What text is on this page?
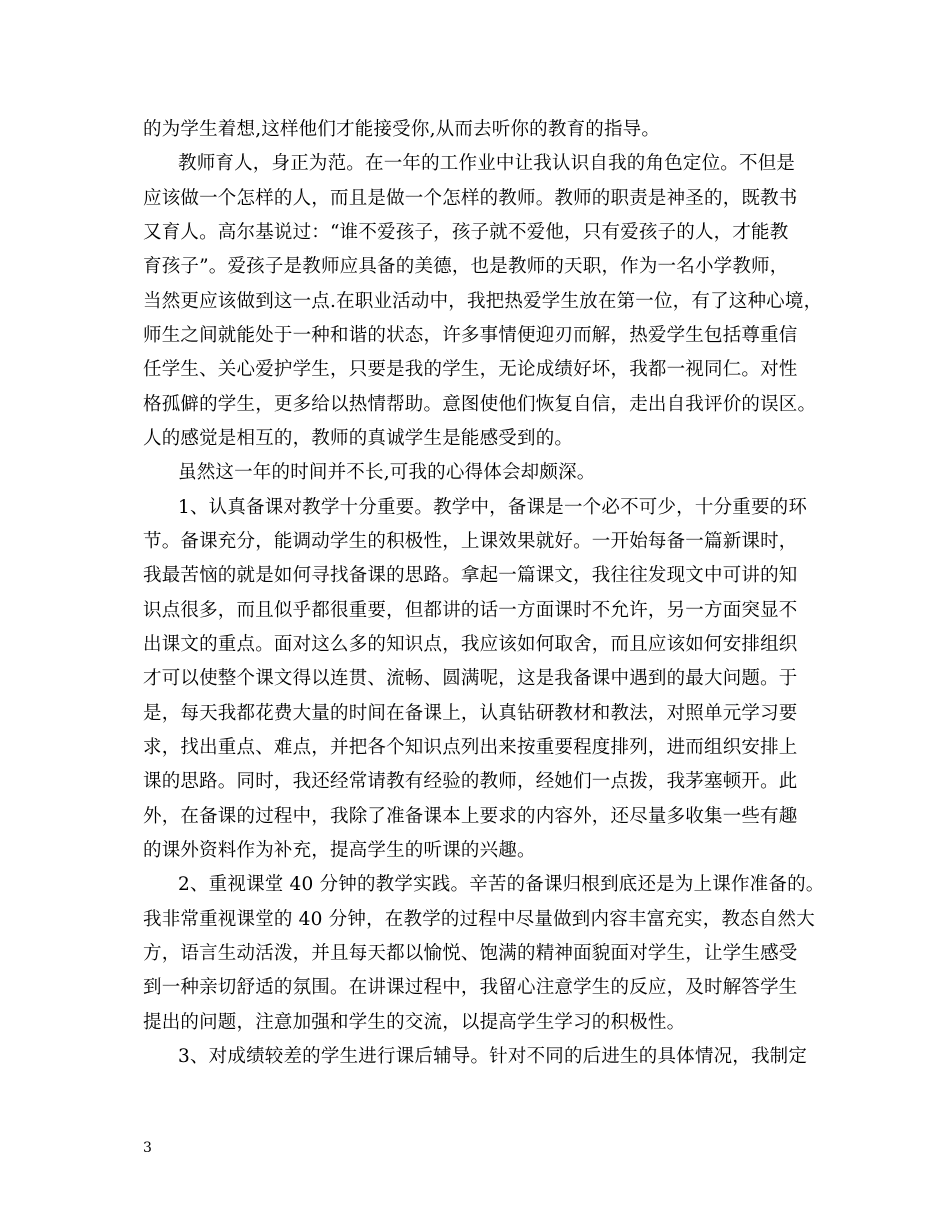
的为学生着想,这样他们才能接受你,从而去听你的教育的指导。
教师育人，身正为范。在一年的工作业中让我认识自我的角色定位。不但是
应该做一个怎样的人，而且是做一个怎样的教师。教师的职责是神圣的，既教书
又育人。高尔基说过：“谁不爱孩子，孩子就不爱他，只有爱孩子的人，才能教
育孩子”。爱孩子是教师应具备的美德，也是教师的天职，作为一名小学教师，
当然更应该做到这一点.在职业活动中，我把热爱学生放在第一位，有了这种心境，
师生之间就能处于一种和谐的状态，许多事情便迎刃而解，热爱学生包括尊重信
任学生、关心爱护学生，只要是我的学生，无论成绩好坏，我都一视同仁。对性
格孤僻的学生，更多给以热情帮助。意图使他们恢复自信，走出自我评价的误区。
人的感觉是相互的，教师的真诚学生是能感受到的。
虽然这一年的时间并不长,可我的心得体会却颇深。
1、认真备课对教学十分重要。教学中，备课是一个必不可少，十分重要的环
节。备课充分，能调动学生的积极性，上课效果就好。一开始每备一篇新课时，
我最苦恼的就是如何寻找备课的思路。拿起一篇课文，我往往发现文中可讲的知
识点很多，而且似乎都很重要，但都讲的话一方面课时不允许，另一方面突显不
出课文的重点。面对这么多的知识点，我应该如何取舍，而且应该如何安排组织
才可以使整个课文得以连贯、流畅、圆满呢，这是我备课中遇到的最大问题。于
是，每天我都花费大量的时间在备课上，认真钻研教材和教法，对照单元学习要
求，找出重点、难点，并把各个知识点列出来按重要程度排列，进而组织安排上
课的思路。同时，我还经常请教有经验的教师，经她们一点拨，我茅塞顿开。此
外，在备课的过程中，我除了准备课本上要求的内容外，还尽量多收集一些有趣
的课外资料作为补充，提高学生的听课的兴趣。
2、重视课堂 40 分钟的教学实践。辛苦的备课归根到底还是为上课作准备的。
我非常重视课堂的 40 分钟，在教学的过程中尽量做到内容丰富充实，教态自然大
方，语言生动活泼，并且每天都以愉悦、饱满的精神面貌面对学生，让学生感受
到一种亲切舒适的氛围。在讲课过程中，我留心注意学生的反应，及时解答学生
提出的问题，注意加强和学生的交流，以提高学生学习的积极性。
3、对成绩较差的学生进行课后辅导。针对不同的后进生的具体情况，我制定
3
